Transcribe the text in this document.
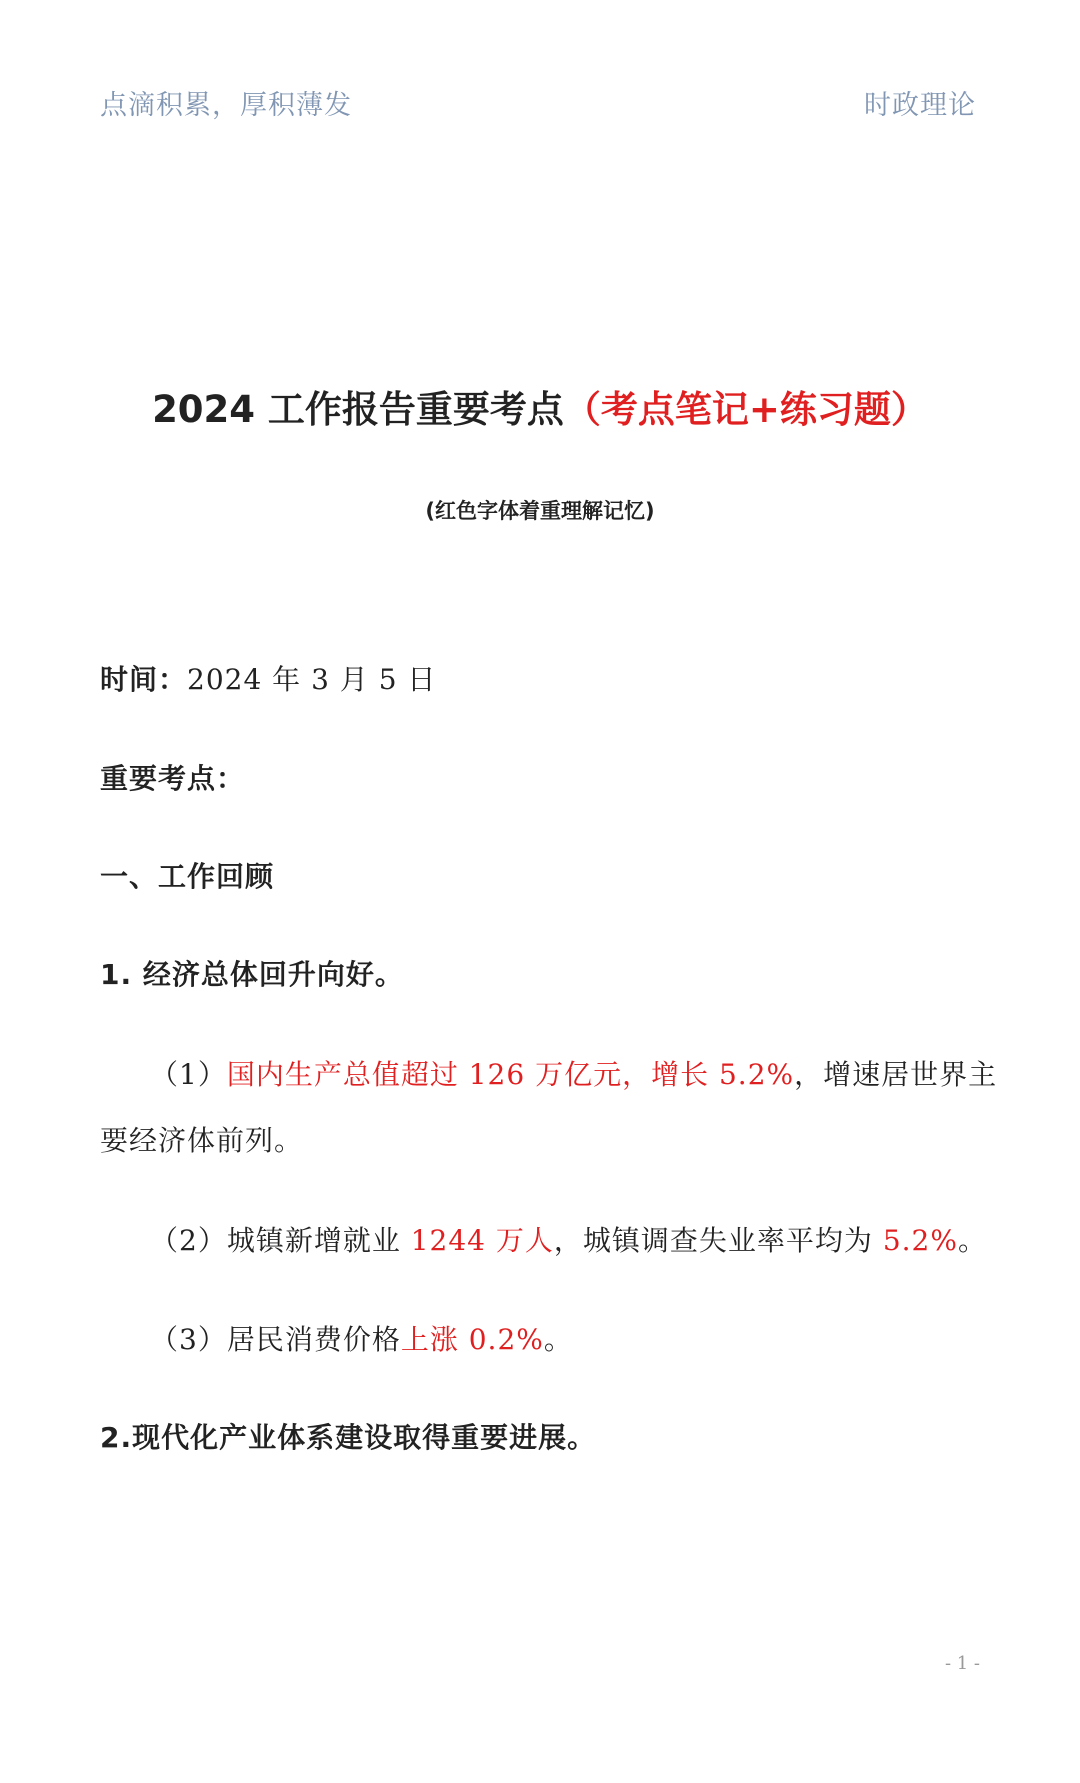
点滴积累，厚积薄发	时政理论
2024 工作报告重要考点（考点笔记+练习题）
(红色字体着重理解记忆)
时间：2024 年 3 月 5 日
重要考点：
一、工作回顾
1. 经济总体回升向好。
（1）国内生产总值超过 126 万亿元，增长 5.2%，增速居世界主
要经济体前列。
（2）城镇新增就业 1244 万人，城镇调查失业率平均为 5.2%。
（3）居民消费价格上涨 0.2%。
2.现代化产业体系建设取得重要进展。
- 1 -
